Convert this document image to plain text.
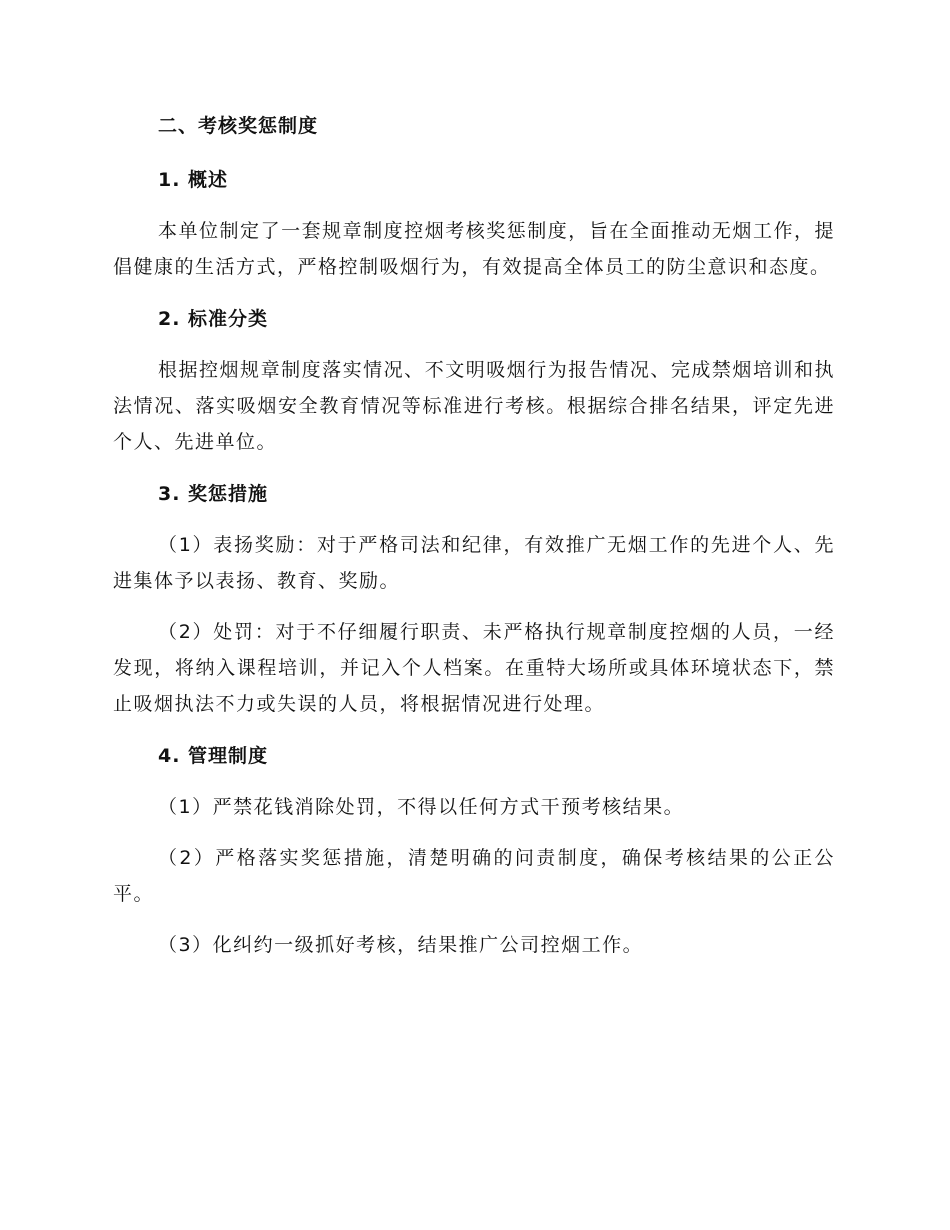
二、考核奖惩制度
1. 概述

本单位制定了一套规章制度控烟考核奖惩制度，旨在全面推动无烟工作，提倡健康的生活方式，严格控制吸烟行为，有效提高全体员工的防尘意识和态度。

2. 标准分类

根据控烟规章制度落实情况、不文明吸烟行为报告情况、完成禁烟培训和执法情况、落实吸烟安全教育情况等标准进行考核。根据综合排名结果，评定先进个人、先进单位。

3. 奖惩措施

（1）表扬奖励：对于严格司法和纪律，有效推广无烟工作的先进个人、先进集体予以表扬、教育、奖励。

（2）处罚：对于不仔细履行职责、未严格执行规章制度控烟的人员，一经发现，将纳入课程培训，并记入个人档案。在重特大场所或具体环境状态下，禁止吸烟执法不力或失误的人员，将根据情况进行处理。

4. 管理制度

（1）严禁花钱消除处罚，不得以任何方式干预考核结果。

（2）严格落实奖惩措施，清楚明确的问责制度，确保考核结果的公正公平。

（3）化纠约一级抓好考核，结果推广公司控烟工作。
